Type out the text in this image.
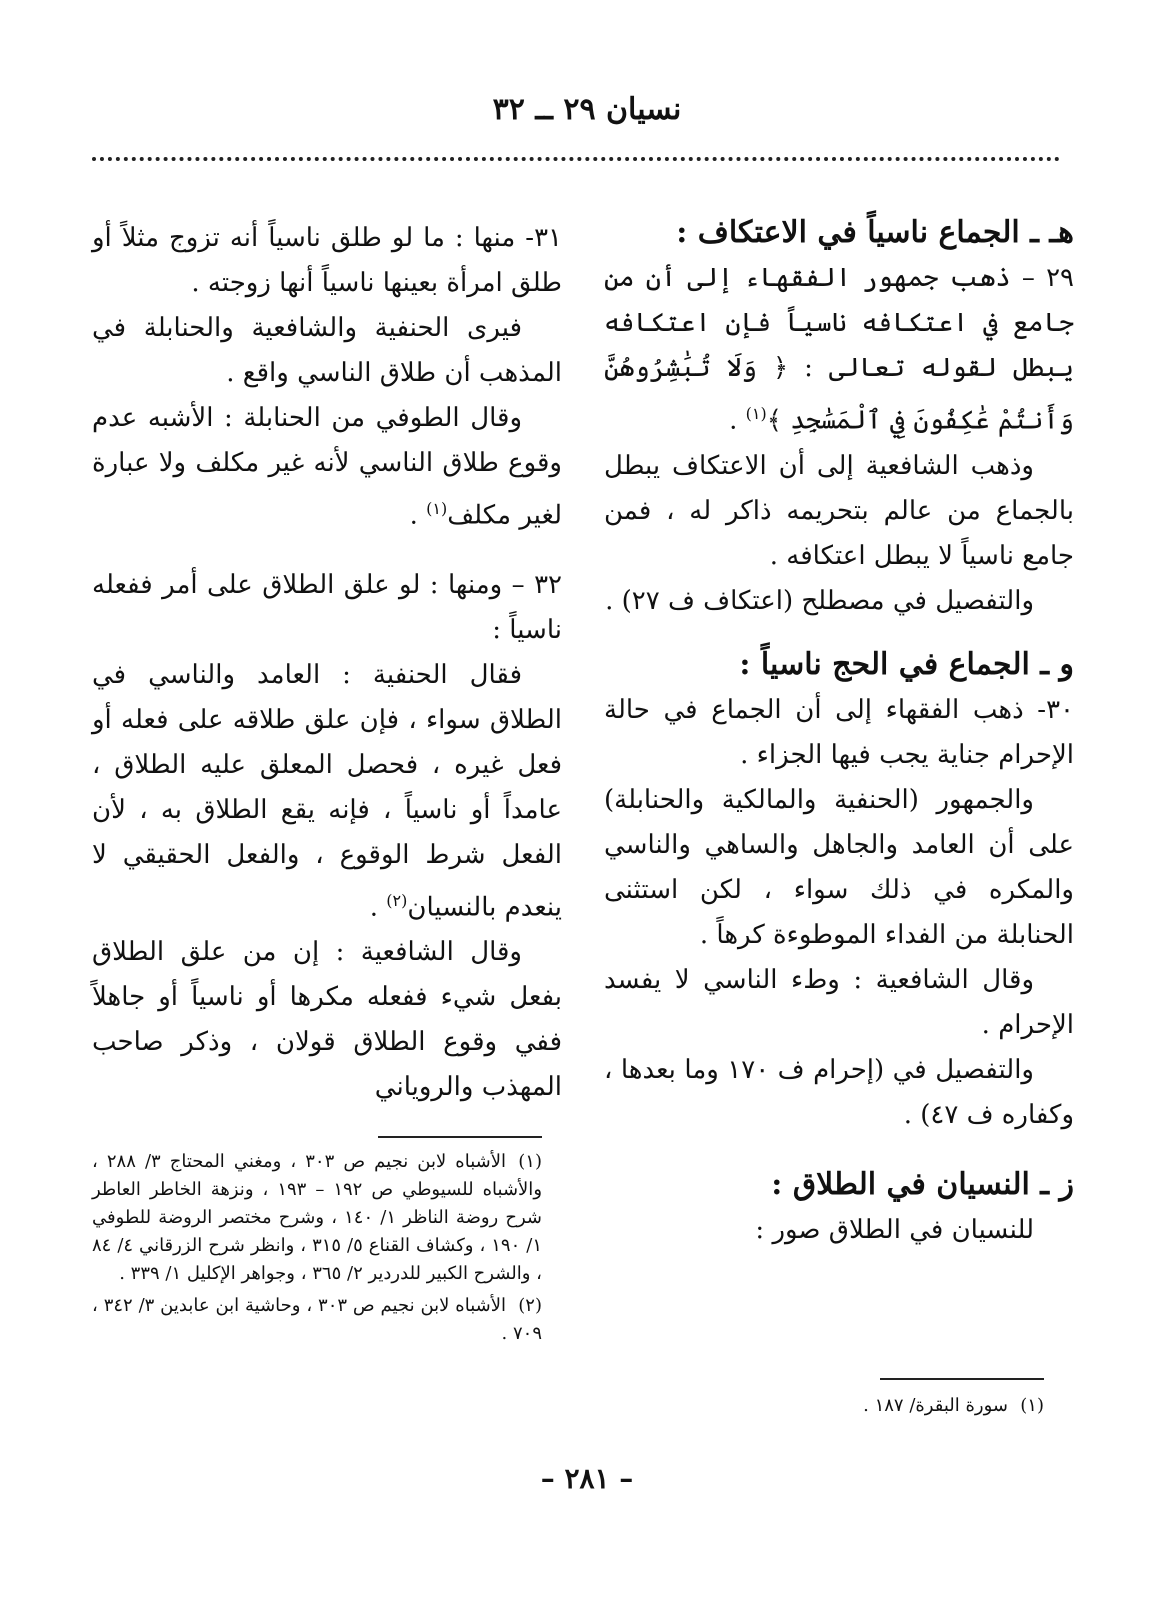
نسيان ٢٩ ــ ٣٢
هـ ـ الجماع ناسياً في الاعتكاف :

٢٩ – ذهب جمهور الفقهاء إلى أن من جامع في اعتكافه ناسياً فإن اعتكافه يبطل لقوله تعالى : ﴿ وَلَا تُبَٰشِرُوهُنَّ وَأَنتُمْ عَٰكِفُونَ فِي ٱلْمَسَٰجِدِ ﴾$^{(١)}$ .

وذهب الشافعية إلى أن الاعتكاف يبطل بالجماع من عالم بتحريمه ذاكر له ، فمن جامع ناسياً لا يبطل اعتكافه .

والتفصيل في مصطلح (اعتكاف ف ٢٧) .

و ـ الجماع في الحج ناسياً :

٣٠- ذهب الفقهاء إلى أن الجماع في حالة الإحرام جناية يجب فيها الجزاء .

والجمهور (الحنفية والمالكية والحنابلة) على أن العامد والجاهل والساهي والناسي والمكره في ذلك سواء ، لكن استثنى الحنابلة من الفداء الموطوءة كرهاً .

وقال الشافعية : وطء الناسي لا يفسد الإحرام .

والتفصيل في (إحرام ف ١٧٠ وما بعدها ، وكفاره ف ٤٧) .

ز ـ النسيان في الطلاق :

للنسيان في الطلاق صور :

٣١- منها : ما لو طلق ناسياً أنه تزوج مثلاً أو طلق امرأة بعينها ناسياً أنها زوجته .

فيرى الحنفية والشافعية والحنابلة في المذهب أن طلاق الناسي واقع .

وقال الطوفي من الحنابلة : الأشبه عدم وقوع طلاق الناسي لأنه غير مكلف ولا عبارة لغير مكلف$^{(١)}$ .

٣٢ – ومنها : لو علق الطلاق على أمر ففعله ناسياً :

فقال الحنفية : العامد والناسي في الطلاق سواء ، فإن علق طلاقه على فعله أو فعل غيره ، فحصل المعلق عليه الطلاق ، عامداً أو ناسياً ، فإنه يقع الطلاق به ، لأن الفعل شرط الوقوع ، والفعل الحقيقي لا ينعدم بالنسيان$^{(٢)}$ .

وقال الشافعية : إن من علق الطلاق بفعل شيء ففعله مكرها أو ناسياً أو جاهلاً ففي وقوع الطلاق قولان ، وذكر صاحب المهذب والروياني

(١)الأشباه لابن نجيم ص ٣٠٣ ، ومغني المحتاج ٣/ ٢٨٨ ، والأشباه للسيوطي ص ١٩٢ – ١٩٣ ، ونزهة الخاطر العاطر شرح روضة الناظر ١/ ١٤٠ ، وشرح مختصر الروضة للطوفي ١/ ١٩٠ ، وكشاف القناع ٥/ ٣١٥ ، وانظر شرح الزرقاني ٤/ ٨٤ ، والشرح الكبير للدردير ٢/ ٣٦٥ ، وجواهر الإكليل ١/ ٣٣٩ .

(٢)الأشباه لابن نجيم ص ٣٠٣ ، وحاشية ابن عابدين ٣/ ٣٤٢ ، ٧٠٩ .

(١)سورة البقرة/ ١٨٧ .

– ٢٨١ –
